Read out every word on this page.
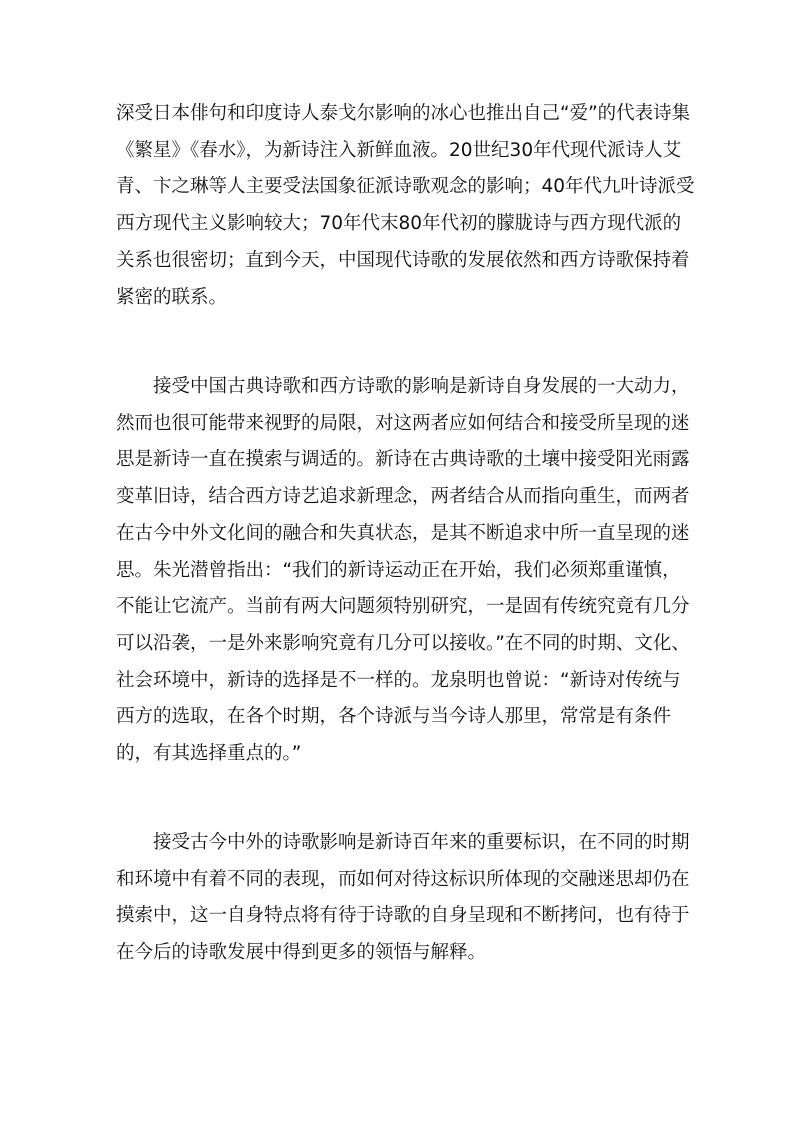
深受日本俳句和印度诗人泰戈尔影响的冰心也推出自己“爱”的代表诗集《繁星》《春水》，为新诗注入新鲜血液。20世纪30年代现代派诗人艾青、卞之琳等人主要受法国象征派诗歌观念的影响；40年代九叶诗派受西方现代主义影响较大；70年代末80年代初的朦胧诗与西方现代派的关系也很密切；直到今天，中国现代诗歌的发展依然和西方诗歌保持着紧密的联系。

接受中国古典诗歌和西方诗歌的影响是新诗自身发展的一大动力，然而也很可能带来视野的局限，对这两者应如何结合和接受所呈现的迷思是新诗一直在摸索与调适的。新诗在古典诗歌的土壤中接受阳光雨露变革旧诗，结合西方诗艺追求新理念，两者结合从而指向重生，而两者在古今中外文化间的融合和失真状态，是其不断追求中所一直呈现的迷思。朱光潜曾指出：“我们的新诗运动正在开始，我们必须郑重谨慎，不能让它流产。当前有两大问题须特别研究，一是固有传统究竟有几分可以沿袭，一是外来影响究竟有几分可以接收。”在不同的时期、文化、社会环境中，新诗的选择是不一样的。龙泉明也曾说：“新诗对传统与西方的选取，在各个时期，各个诗派与当今诗人那里，常常是有条件的，有其选择重点的。”

接受古今中外的诗歌影响是新诗百年来的重要标识，在不同的时期和环境中有着不同的表现，而如何对待这标识所体现的交融迷思却仍在摸索中，这一自身特点将有待于诗歌的自身呈现和不断拷问，也有待于在今后的诗歌发展中得到更多的领悟与解释。
